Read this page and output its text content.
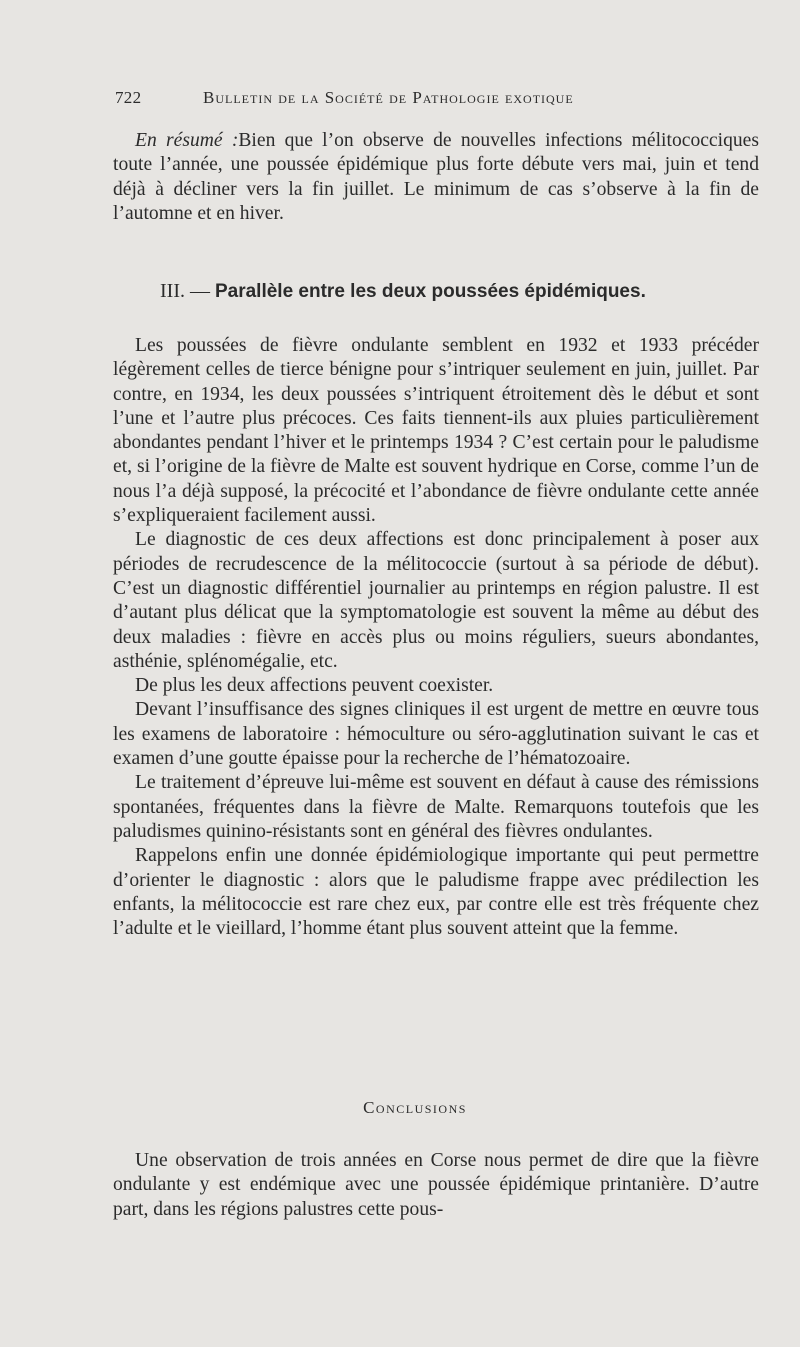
722	Bulletin de la Société de Pathologie exotique

En résumé :Bien que l’on observe de nouvelles infections mélitococciques toute l’année, une poussée épidémique plus forte débute vers mai, juin et tend déjà à décliner vers la fin juillet. Le minimum de cas s’observe à la fin de l’automne et en hiver.

III. — Parallèle entre les deux poussées épidémiques.

Les poussées de fièvre ondulante semblent en 1932 et 1933 précéder légèrement celles de tierce bénigne pour s’intriquer seulement en juin, juillet. Par contre, en 1934, les deux poussées s’intriquent étroitement dès le début et sont l’une et l’autre plus précoces. Ces faits tiennent-ils aux pluies particulièrement abondantes pendant l’hiver et le printemps 1934 ? C’est certain pour le paludisme et, si l’origine de la fièvre de Malte est souvent hydrique en Corse, comme l’un de nous l’a déjà supposé, la précocité et l’abondance de fièvre ondulante cette année s’expliqueraient facilement aussi.

Le diagnostic de ces deux affections est donc principalement à poser aux périodes de recrudescence de la mélitococcie (surtout à sa période de début). C’est un diagnostic différentiel journalier au printemps en région palustre. Il est d’autant plus délicat que la symptomatologie est souvent la même au début des deux maladies : fièvre en accès plus ou moins réguliers, sueurs abondantes, asthénie, splénomégalie, etc.

De plus les deux affections peuvent coexister.

Devant l’insuffisance des signes cliniques il est urgent de mettre en œuvre tous les examens de laboratoire : hémoculture ou séro-agglutination suivant le cas et examen d’une goutte épaisse pour la recherche de l’hématozoaire.

Le traitement d’épreuve lui-même est souvent en défaut à cause des rémissions spontanées, fréquentes dans la fièvre de Malte. Remarquons toutefois que les paludismes quinino-résistants sont en général des fièvres ondulantes.

Rappelons enfin une donnée épidémiologique importante qui peut permettre d’orienter le diagnostic : alors que le paludisme frappe avec prédilection les enfants, la mélitococcie est rare chez eux, par contre elle est très fréquente chez l’adulte et le vieillard, l’homme étant plus souvent atteint que la femme.

Conclusions

Une observation de trois années en Corse nous permet de dire que la fièvre ondulante y est endémique avec une poussée épidémique printanière. D’autre part, dans les régions palustres cette pous-
